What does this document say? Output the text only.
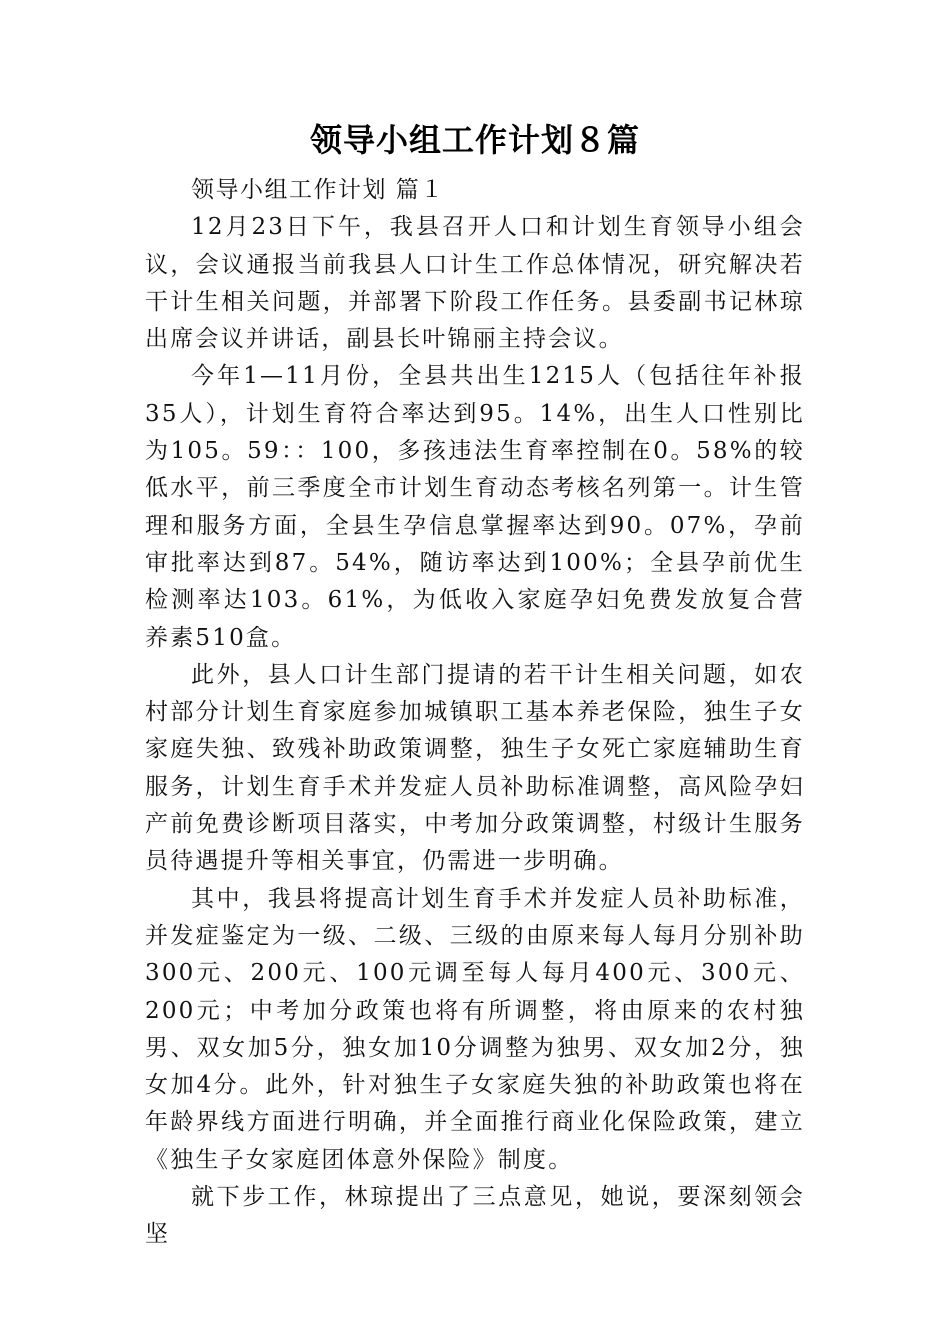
领导小组工作计划８篇

领导小组工作计划 篇１

12月23日下午，我县召开人口和计划生育领导小组会议，会议通报当前我县人口计生工作总体情况，研究解决若干计生相关问题，并部署下阶段工作任务。县委副书记林琼出席会议并讲话，副县长叶锦丽主持会议。

今年1—11月份，全县共出生1215人（包括往年补报35人），计划生育符合率达到95。14%，出生人口性别比为105。59：：100，多孩违法生育率控制在0。58%的较低水平，前三季度全市计划生育动态考核名列第一。计生管理和服务方面，全县生孕信息掌握率达到90。07%，孕前审批率达到87。54%，随访率达到100%；全县孕前优生检测率达103。61%，为低收入家庭孕妇免费发放复合营养素510盒。

此外，县人口计生部门提请的若干计生相关问题，如农村部分计划生育家庭参加城镇职工基本养老保险，独生子女家庭失独、致残补助政策调整，独生子女死亡家庭辅助生育服务，计划生育手术并发症人员补助标准调整，高风险孕妇产前免费诊断项目落实，中考加分政策调整，村级计生服务员待遇提升等相关事宜，仍需进一步明确。

其中，我县将提高计划生育手术并发症人员补助标准，并发症鉴定为一级、二级、三级的由原来每人每月分别补助300元、200元、100元调至每人每月400元、300元、200元；中考加分政策也将有所调整，将由原来的农村独男、双女加5分，独女加10分调整为独男、双女加2分，独女加4分。此外，针对独生子女家庭失独的补助政策也将在年龄界线方面进行明确，并全面推行商业化保险政策，建立《独生子女家庭团体意外保险》制度。

就下步工作，林琼提出了三点意见，她说，要深刻领会坚
